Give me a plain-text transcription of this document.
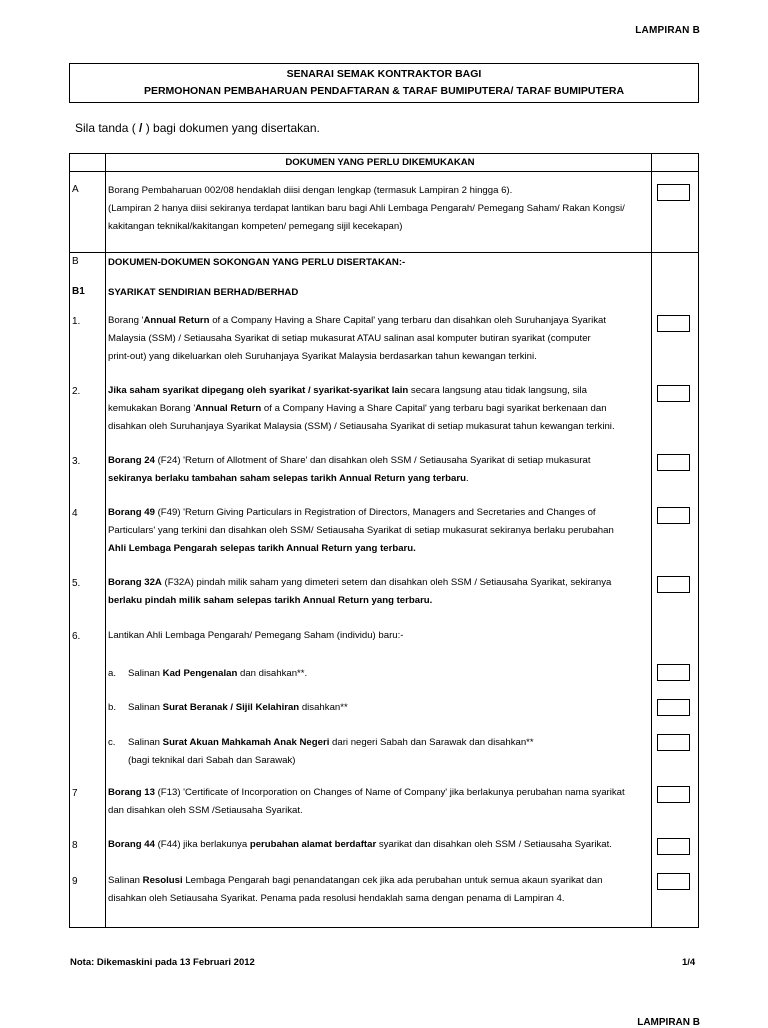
LAMPIRAN B
SENARAI SEMAK KONTRAKTOR BAGI
PERMOHONAN PEMBAHARUAN PENDAFTARAN & TARAF BUMIPUTERA/ TARAF BUMIPUTERA
Sila tanda ( / ) bagi dokumen yang disertakan.
DOKUMEN YANG PERLU DIKEMUKAKAN
A	Borang Pembaharuan 002/08 hendaklah diisi dengan lengkap (termasuk Lampiran 2 hingga 6).
(Lampiran 2 hanya diisi sekiranya terdapat lantikan baru bagi Ahli Lembaga Pengarah/ Pemegang Saham/ Rakan Kongsi/
kakitangan teknikal/kakitangan kompeten/ pemegang sijil kecekapan)
B	DOKUMEN-DOKUMEN SOKONGAN YANG PERLU DISERTAKAN:-
B1 SYARIKAT SENDIRIAN BERHAD/BERHAD
1.	Borang 'Annual Return of a Company Having a Share Capital' yang terbaru dan disahkan oleh Suruhanjaya Syarikat
Malaysia (SSM) / Setiausaha Syarikat di setiap mukasurat ATAU salinan asal komputer butiran syarikat (computer
print-out) yang dikeluarkan oleh Suruhanjaya Syarikat Malaysia berdasarkan tahun kewangan terkini.
2.	Jika saham syarikat dipegang oleh syarikat / syarikat-syarikat lain secara langsung atau tidak langsung, sila
kemukakan Borang 'Annual Return of a Company Having a Share Capital' yang terbaru bagi syarikat berkenaan dan
disahkan oleh Suruhanjaya Syarikat Malaysia (SSM) / Setiausaha Syarikat di setiap mukasurat tahun kewangan terkini.
3.	Borang 24 (F24) 'Return of Allotment of Share' dan disahkan oleh SSM / Setiausaha Syarikat di setiap mukasurat
sekiranya berlaku tambahan saham selepas tarikh Annual Return yang terbaru.
4	Borang 49 (F49) 'Return Giving Particulars in Registration of Directors, Managers and Secretaries and Changes of
Particulars' yang terkini dan disahkan oleh SSM/ Setiausaha Syarikat di setiap mukasurat sekiranya berlaku perubahan
Ahli Lembaga Pengarah selepas tarikh Annual Return yang terbaru.
5.	Borang 32A (F32A) pindah milik saham yang dimeteri setem dan disahkan oleh SSM / Setiausaha Syarikat, sekiranya
berlaku pindah milik saham selepas tarikh Annual Return yang terbaru.
6.	Lantikan Ahli Lembaga Pengarah/ Pemegang Saham (individu) baru:-
a. Salinan Kad Pengenalan dan disahkan**.
b. Salinan Surat Beranak / Sijil Kelahiran disahkan**
c. Salinan Surat Akuan Mahkamah Anak Negeri dari negeri Sabah dan Sarawak dan disahkan**
(bagi teknikal dari Sabah dan Sarawak)
7	Borang 13 (F13) 'Certificate of Incorporation on Changes of Name of Company' jika berlakunya perubahan nama syarikat
dan disahkan oleh SSM /Setiausaha Syarikat.
8	Borang 44 (F44) jika berlakunya perubahan alamat berdaftar syarikat dan disahkan oleh SSM / Setiausaha Syarikat.
9	Salinan Resolusi Lembaga Pengarah bagi penandatangan cek jika ada perubahan untuk semua akaun syarikat dan
disahkan oleh Setiausaha Syarikat. Penama pada resolusi hendaklah sama dengan penama di Lampiran 4.
Nota: Dikemaskini pada 13 Februari 2012	1/4
LAMPIRAN B
